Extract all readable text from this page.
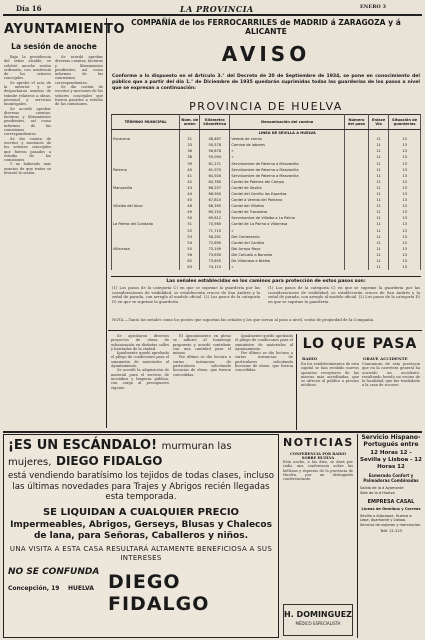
Día 16	LA PROVINCIA	ENERO 3
AYUNTAMIENTO
La sesión de anoche

Bajo la presidencia del señor alcalde, se celebró anoche sesión ordinaria, con asistencia de los señores concejales.

Se aprobó el acta de la anterior y se despacharon asuntos de trámite relativos a obras, personal y servicios municipales.

Se acordó aprobar diversas cuentas, facturas y libramientos pendientes, así como informes de las comisiones correspondientes.

Se dio cuenta de escritos y mociones de los señores concejales que fueron pasados a estudio de las comisiones.

Y no habiendo más asuntos de que tratar se levantó la sesión.

Se acordó aprobar diversas cuentas, facturas y libramientos pendientes, así como informes de las comisiones correspondientes.

Se dio cuenta de escritos y mociones de los señores concejales que fueron pasados a estudio de las comisiones.

COMPAÑÍA de los FERROCARRILES de MADRID á ZARAGOZA y á ALICANTE
AVISO
Conforme a lo dispuesto en el Artículo 3.° del Decreto de 20 de Septiembre de 1934, se pone en conocimiento del público que a partir del día 1.° de Diciembre de 1935 quedarán suprimidas todas las guarderías de los pasos a nivel que se expresan a continuación:
PROVINCIA DE HUELVA
TÉRMINO MUNICIPAL	Núm. de orden	Kilómetro kilométrico	Denominación del camino	Número del paso	Enlace Vía	Situación de guarderías
			LINEA DE SEVILLA A HUELVA			
Escacena	31	48,467	Vereda de carros		11	13
	33	50,578	Camino de labores		11	13
	36	56,878	»		11	13
	38	59,094	»		11	13
	39	61,271	Servidumbre de Paterna a Manzanilla		11	13
Paterna	40	61,970	Servidumbre de Paterna a Manzanilla		11	13
	41	64,500	Servidumbre de Paterna a Manzanilla		11	13
	42	64,780	Cordel de Paterna del Campo		11	13
Manzanilla	43	66,257	Cordel de Sevilla		11	13
	44	66,900	Cordel del Cerrillo las Espartas		11	13
	45	67,810	Cordel a Vereda del Pantano		11	13
Villalba del Alcor	48	68,390	Cordel del Villalba		11	13
	49	69,154	Cordel de Trocadero		11	13
	50	69,612	Servidumbre de Villalba a La Palma		11	13
La Palma del Condado	51	70,560	Cordel de La Palma a Villarrasa		11	13
	52	71,710	»		11	13
	53	58,281	Del Cementerio		11	13
	54	72,890	Cordel del Cantillo		11	13
Villarrasa	55	73,149	Del Arroyo Rayo		11	13
	56	73,630	Del Cañuelo a Bonares		11	13
	62	73,650	De Villarrasa a Niebla		11	13
	63	74,110	»		11	13
Las señales establecidas en los caminos para protección de estos pasos son:
(1) Los pasos de la categoría C) en que se suprime la guardería por las consideraciones de visibilidad, se establecerán cruces de San Andrés y la señal de parada, con arreglo al modelo oficial. (2) Los pasos de la categoría D) en que se suprime la guardería.
(1) Los pasos de la categoría C) en que se suprime la guardería por las consideraciones de visibilidad, se establecerán cruces de San Andrés y la señal de parada, con arreglo al modelo oficial. (2) Los pasos de la categoría D) en que se suprime la guardería.
NOTA.—Tanto las señales como los postes que soportan las señales y los que sirvan al paso a nivel, serán de propiedad de la Compañía.

Se aprobaron diversos proyectos de obras de urbanización en distintas calles y barriadas de la ciudad.

Igualmente quedó aprobado el pliego de condiciones para el suministro de materiales al Ayuntamiento.

Se acordó la adquisición de material para el servicio de incendios y limpieza pública, con cargo al presupuesto vigente.

El Ayuntamiento en pleno se adhirió al homenaje propuesto y acordó contribuir con una cantidad para el mismo.

Por último se dio lectura a varias instancias de particulares solicitando licencias de obras, que fueron concedidas.

Igualmente quedó aprobado el pliego de condiciones para el suministro de materiales al Ayuntamiento.

Por último se dio lectura a varias instancias de particulares solicitando licencias de obras, que fueron concedidas.

LO QUE PASA
RADIO	GRAVE ACCIDENTE
En los establecimientos de esta capital se han recibido nuevos aparatos receptores de las marcas más acreditadas, que se ofrecen al público a precios módicos.
Comunican de esta provincia que en la carretera general ha ocurrido un accidente, resultando herido un vecino de la localidad, que fue trasladado a la casa de socorro.
¡ES UN ESCÁNDALO! murmuran las mujeres, DIEGO FIDALGO
está vendiendo baratísimo los tejidos de todas clases, incluso las últimas novedades para Trajes y Abrigos recién llegadas esta temporada.
SE LIQUIDAN A CUALQUIER PRECIO
Impermeables, Abrigos, Gerseys, Blusas y Chalecos de lana, para Señoras, Caballeros y niños.
UNA VISITA A ESTA CASA RESULTARÁ ALTAMENTE BENEFICIOSA A SUS INTERESES
NO SE CONFUNDA DIEGO FIDALGO
Concepción, 19 HUELVA
NOTICIAS
CONFERENCIA POR RADIO SOBRE HUELVA
Esta noche, a las diez, se dará por radio una conferencia sobre las bellezas y riquezas de la provincia de Huelva, por un distinguido conferenciante.
H. DOMINGUEZ
MÉDICO ESPECIALISTA
Servicio Hispano-Portugués entre
12 Horas 12 - Sevilla y Lisboa - 12 Horas 12
Esmerado Confort y Palmadoras Combinadas
Salida de la á Ayamonte
Sale de la á Huelva
EMPRESA CASAL
Líneas de Ómnibus y Correos
Sevilla a Aljaraque, Huelva a Lepe, Ayamonte y Lisboa.
Servicio de viajeros y mercancías.
Telé. 21.223
